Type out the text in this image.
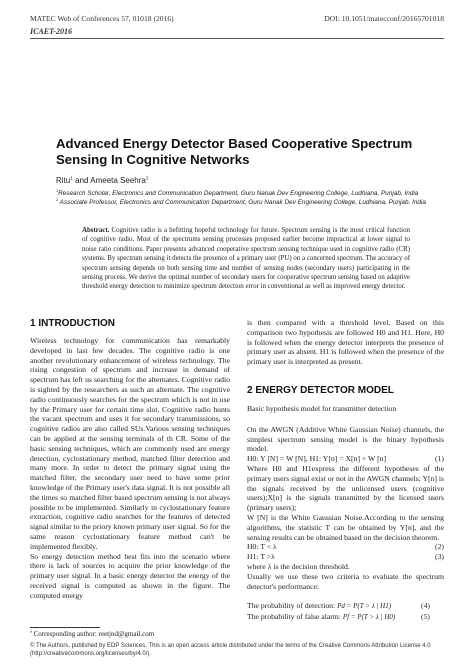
MATEC Web of Conferences 57, 01018 (2016)	DOI: 10.1051/matecconf/20165701018
ICAET-2016
Advanced Energy Detector Based Cooperative Spectrum Sensing In Cognitive Networks
Ritu$^1$ and Ameeta Seehra$^2$
$^1$Research Scholar, Electronics and Communication Department, Guru Nanak Dev Engineering College, Ludhiana, Punjab, India
$^2$ Associate Professor, Electronics and Communication Department, Guru Nanak Dev Engineering College, Ludhiana, Punjab, India
Abstract. Cognitive radio is a befitting hopeful technology for future. Spectrum sensing is the most critical function of cognitive radio. Most of the spectrums sensing processes proposed earlier become impractical at lower signal to noise ratio conditions. Paper presents advanced cooperative spectrum sensing technique used in cognitive radio (CR) systems. By spectrum sensing it detects the presence of a primary user (PU) on a concerned spectrum. The accuracy of spectrum sensing depends on both sensing time and number of sensing nodes (secondary users) participating in the sensing process. We derive the optimal number of secondary users for cooperative spectrum sensing based on adaptive threshold energy detection to minimize spectrum detection error in conventional as well as improved energy detector.
1 INTRODUCTION

Wireless technology for communication has remarkably developed in last few decades. The cognitive radio is one another revolutionary enhancement of wireless technology. The rising congestion of spectrum and increase in demand of spectrum has left us searching for the alternates. Cognitive radio is sighted by the researchers as such an alternate. The cognitive radio continuously searches for the spectrum which is not in use by the Primary user for certain time slot. Cognitive radio hunts the vacant spectrum and uses it for secondary transmissions, so cognitive radios are also called SUs.Various sensing techniques can be applied at the sensing terminals of th CR. Some of the basic sensing techniques, which are commonly used are energy detection, cyclostationary method, matched filter detection and many more. In order to detect the primary signal using the matched filter, the secondary user need to have some prior knowledge of the Primary user's data signal. It is not possible all the times so matched filter based spectrum sensing is not always possible to be implemented. Similarly in cyclostationary feature extraction, cognitive radio searches for the features of detected signal similar to the priory known primary user signal. So for the same reason cyclostationary feature method can't be implemented flexibly.

So energy detection method best fits into the scenario where there is lack of sources to acquire the prior knowledge of the primary user signal. In a basic energy detector the energy of the received signal is computed as shown in the figure. The computed energy

$^a$ Corresponding author: reetjnd@gmail.com

is then compared with a threshold level. Based on this comparison two hypothesis are followed H0 and H1. Here, H0 is followed when the energy detector interprets the presence of primary user as absent. H1 is followed when the presence of the primary user is interpreted as present.

2 ENERGY DETECTOR MODEL

Basic hypothesis model for transmitter detection

On the AWGN (Additive White Gaussian Noise) channels, the simplest spectrum sensing model is the binary hypothesis model.

H0: Y [N] = W [N], H1: Y[n] = X[n] + W [n]	(1)

Where H0 and H1express the different hypotheses of the primary users signal exist or not in the AWGN channels; Y[n] is the signals received by the unlicensed users (cognitive users);X[n] is the signals transmitted by the licensed users (primary users);

W [N] is the White Gaussian Noise.According to the sensing algorithms, the statistic T can be obtained by Y[n], and the sensing results can be obtained based on the decision theorem.

H0: T < λ	(2)
H1: T >λ	(3)

where λ is the decision threshold.

Usually we use these two criteria to evaluate the spectrum detector's performance:

The probability of detection: Pd = P(T > λ | H1)	(4)
The probability of false alarm: Pf = P(T > λ | H0)	(5)
© The Authors, published by EDP Sciences. This is an open access article distributed under the terms of the Creative Commons Attribution License 4.0 (http://creativecommons.org/licenses/by/4.0/).
